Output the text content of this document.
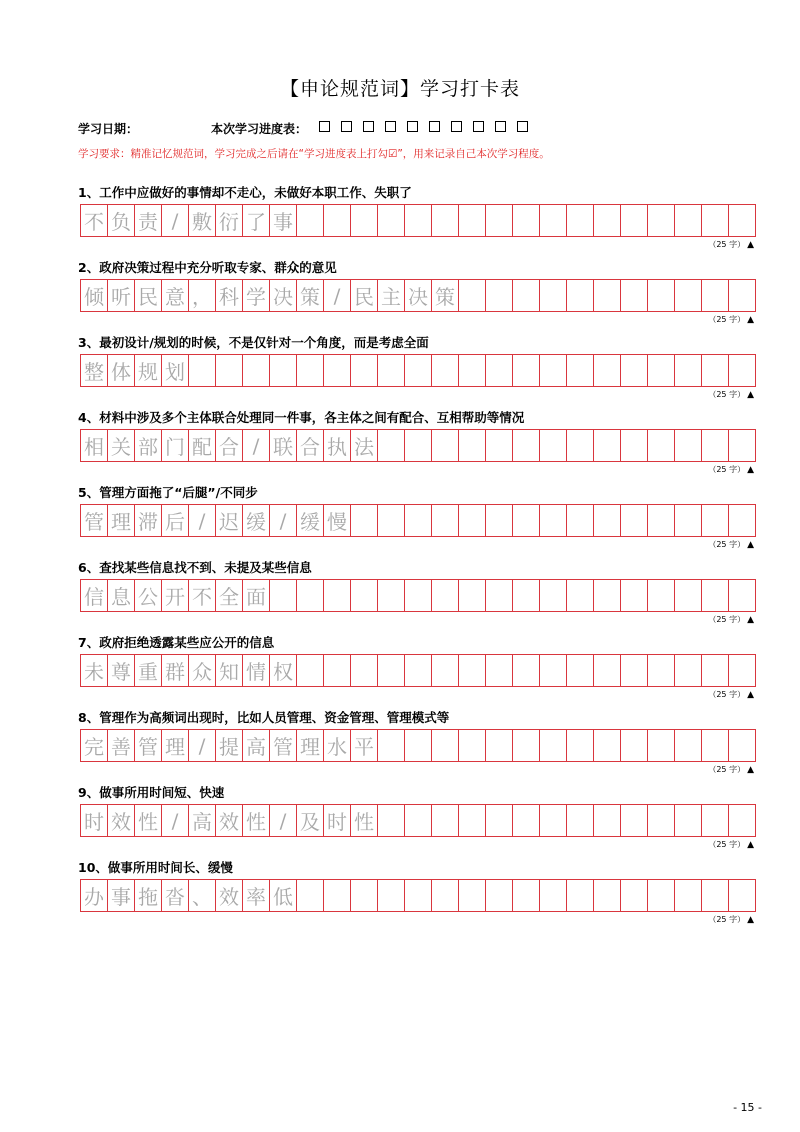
【申论规范词】学习打卡表
学习日期：	本次学习进度表：
学习要求：精准记忆规范词，学习完成之后请在“学习进度表上打勾☑”，用来记录自己本次学习程度。
1、工作中应做好的事情却不走心，未做好本职工作、失职了
不 负 责 / 敷 衍 了 事
（25 字） ▲
2、政府决策过程中充分听取专家、群众的意见
倾 听 民 意 ， 科 学 决 策 / 民 主 决 策
（25 字） ▲
3、最初设计/规划的时候，不是仅针对一个角度，而是考虑全面
整 体 规 划
（25 字） ▲
4、材料中涉及多个主体联合处理同一件事，各主体之间有配合、互相帮助等情况
相 关 部 门 配 合 / 联 合 执 法
（25 字） ▲
5、管理方面拖了“后腿”/不同步
管 理 滞 后 / 迟 缓 / 缓 慢
（25 字） ▲
6、查找某些信息找不到、未提及某些信息
信 息 公 开 不 全 面
（25 字） ▲
7、政府拒绝透露某些应公开的信息
未 尊 重 群 众 知 情 权
（25 字） ▲
8、管理作为高频词出现时，比如人员管理、资金管理、管理模式等
完 善 管 理 / 提 高 管 理 水 平
（25 字） ▲
9、做事所用时间短、快速
时 效 性 / 高 效 性 / 及 时 性
（25 字） ▲
10、做事所用时间长、缓慢
办 事 拖 沓 、 效 率 低
（25 字） ▲
- 15 -
